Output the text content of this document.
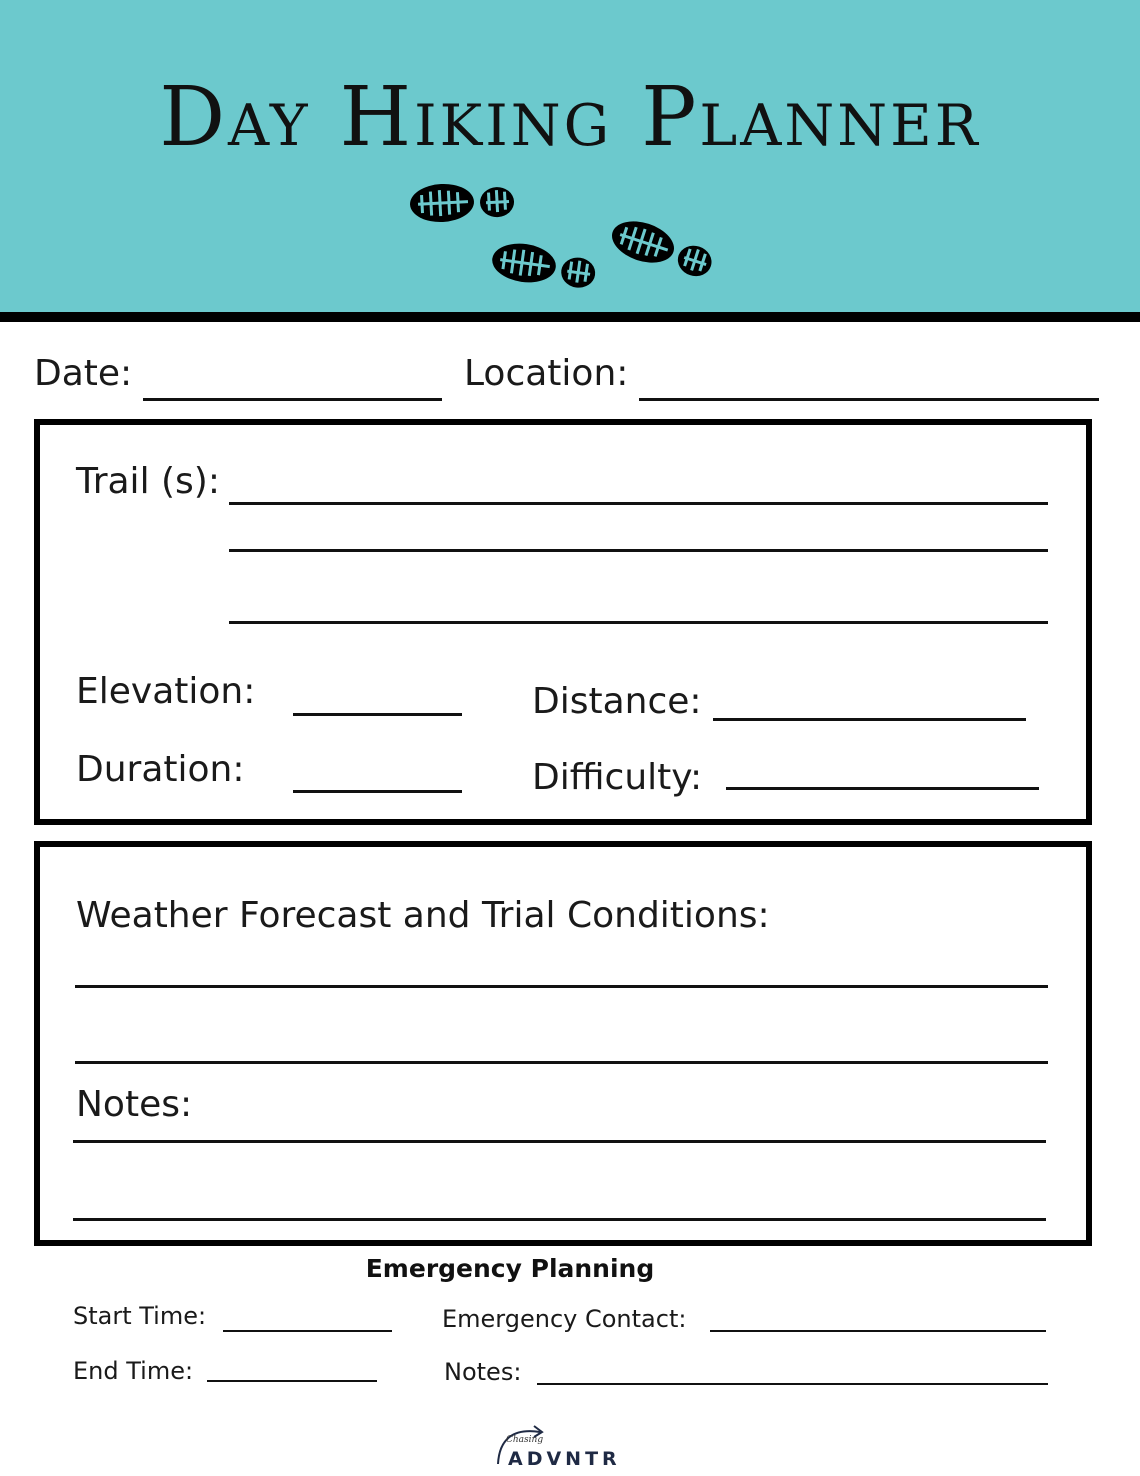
Day Hiking Planner
Date:	Location:
Trail (s):
Elevation:	Distance:
Duration:	Difficulty:
Weather Forecast and Trial Conditions:
Notes:
Emergency Planning
Start Time:	Emergency Contact:
End Time:	Notes:
Chasing
ADVNTR
